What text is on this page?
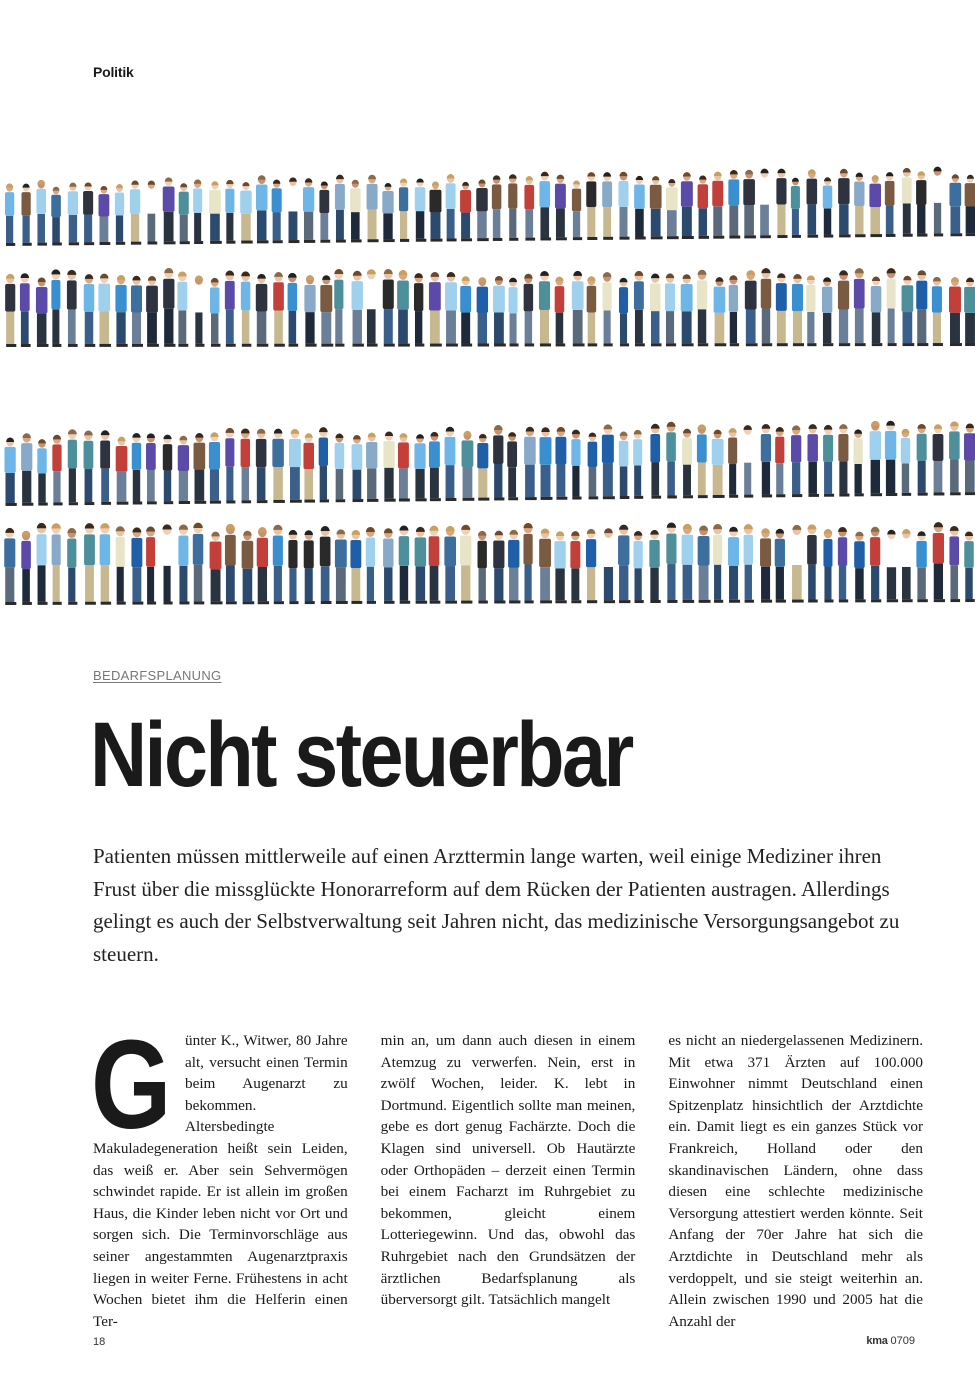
Politik
BEDARFSPLANUNG
Nicht steuerbar

Patienten müssen mittlerweile auf einen Arzttermin lange warten, weil einige Mediziner ihren Frust über die missglückte Honorarreform auf dem Rücken der Patienten austragen. Allerdings gelingt es auch der Selbstverwaltung seit Jahren nicht, das medizinische Versorgungsangebot zu steuern.

Günter K., Witwer, 80 Jahre alt, versucht einen Termin beim Augenarzt zu bekommen. Altersbedingte Makuladegeneration heißt sein Leiden, das weiß er. Aber sein Sehvermögen schwindet rapide. Er ist allein im großen Haus, die Kinder leben nicht vor Ort und sorgen sich. Die Terminvorschläge aus seiner angestammten Augenarztpraxis liegen in weiter Ferne. Frühestens in acht Wochen bietet ihm die Helferin einen Ter-
min an, um dann auch diesen in einem Atemzug zu verwerfen. Nein, erst in zwölf Wochen, leider. K. lebt in Dortmund. Eigentlich sollte man meinen, gebe es dort genug Fachärzte. Doch die Klagen sind universell. Ob Hautärzte oder Orthopäden – derzeit einen Termin bei einem Facharzt im Ruhrgebiet zu bekommen, gleicht einem Lotteriegewinn. Und das, obwohl das Ruhrgebiet nach den Grundsätzen der ärztlichen Bedarfsplanung als überversorgt gilt. Tatsächlich mangelt
es nicht an niedergelassenen Medizinern. Mit etwa 371 Ärzten auf 100.000 Einwohner nimmt Deutschland einen Spitzenplatz hinsichtlich der Arztdichte ein. Damit liegt es ein ganzes Stück vor Frankreich, Holland oder den skandinavischen Ländern, ohne dass diesen eine schlechte medizinische Versorgung attestiert werden könnte. Seit Anfang der 70er Jahre hat sich die Arztdichte in Deutschland mehr als verdoppelt, und sie steigt weiterhin an. Allein zwischen 1990 und 2005 hat die Anzahl der
18	kma 0709
